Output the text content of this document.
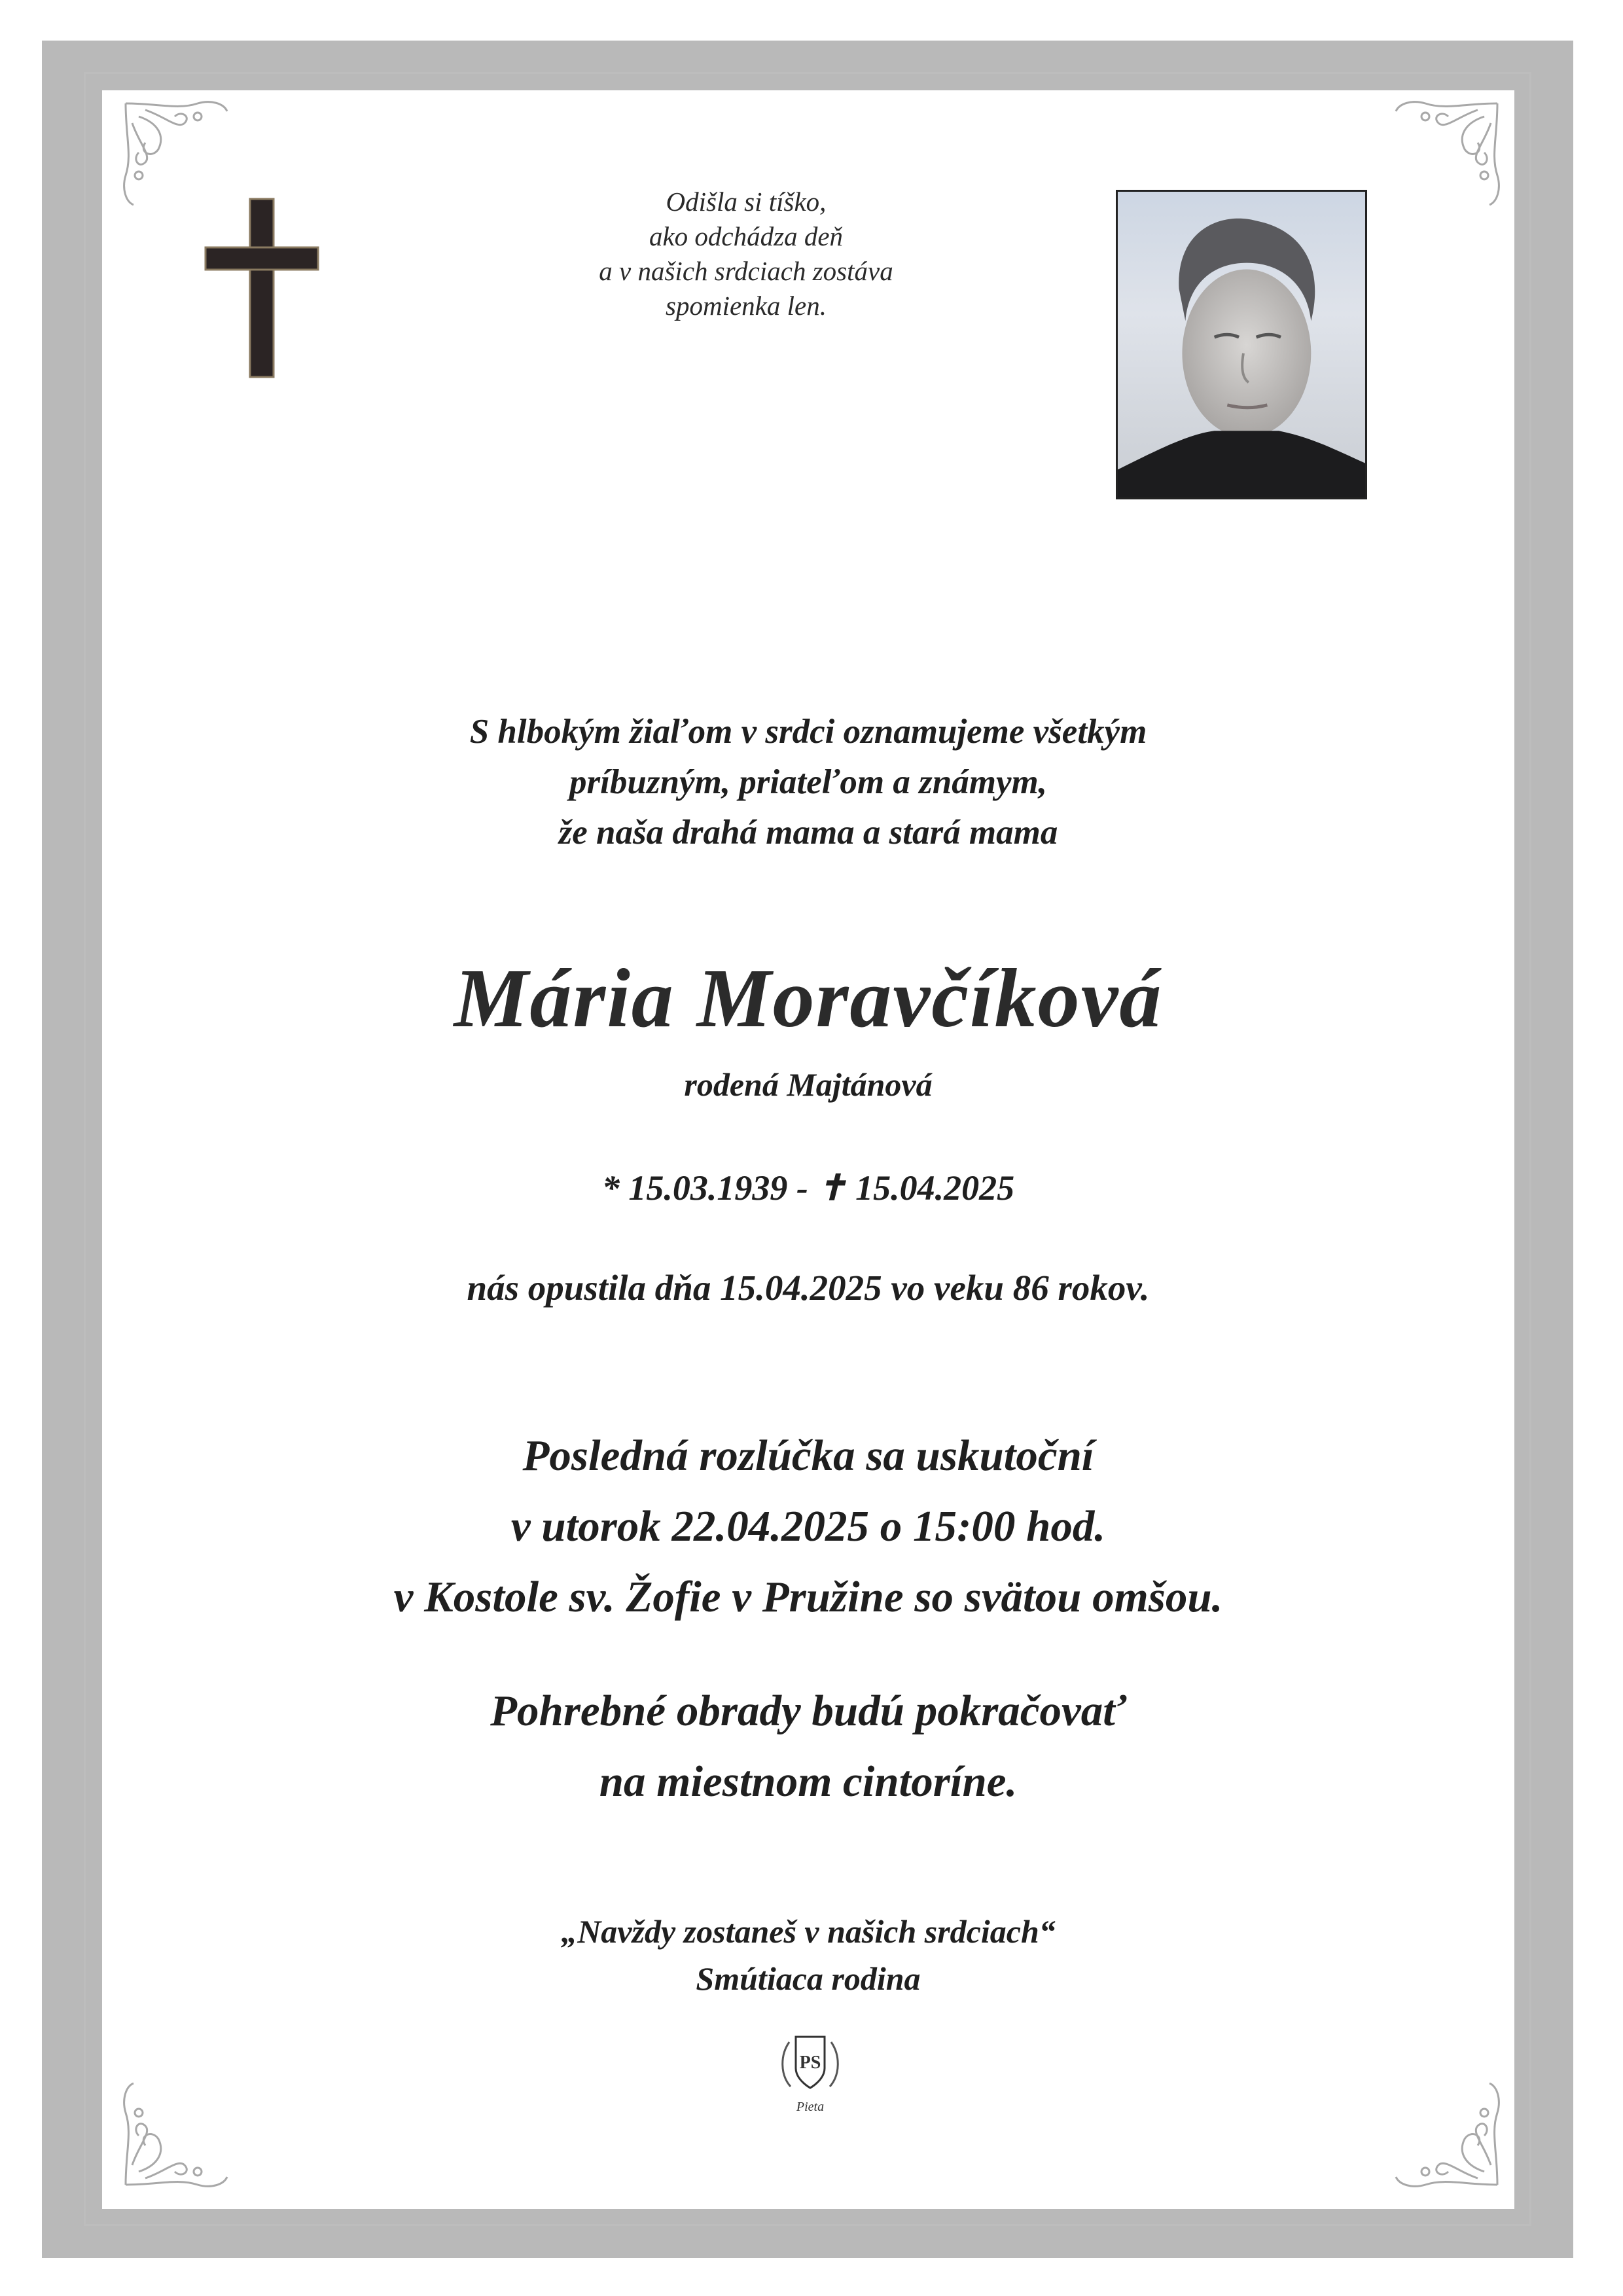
Odišla si tíško,
ako odchádza deň
a v našich srdciach zostáva
spomienka len.
S hlbokým žiaľom v srdci oznamujeme všetkým
príbuzným, priateľom a známym,
že naša drahá mama a stará mama
Mária Moravčíková
rodená Majtánová
* 15.03.1939 - ✝ 15.04.2025
nás opustila dňa 15.04.2025 vo veku 86 rokov.
Posledná rozlúčka sa uskutoční
v utorok 22.04.2025 o 15:00 hod.
v Kostole sv. Žofie v Pružine so svätou omšou.
Pohrebné obrady budú pokračovať
na miestnom cintoríne.
„Navždy zostaneš v našich srdciach“
Smútiaca rodina
PS
Pieta
